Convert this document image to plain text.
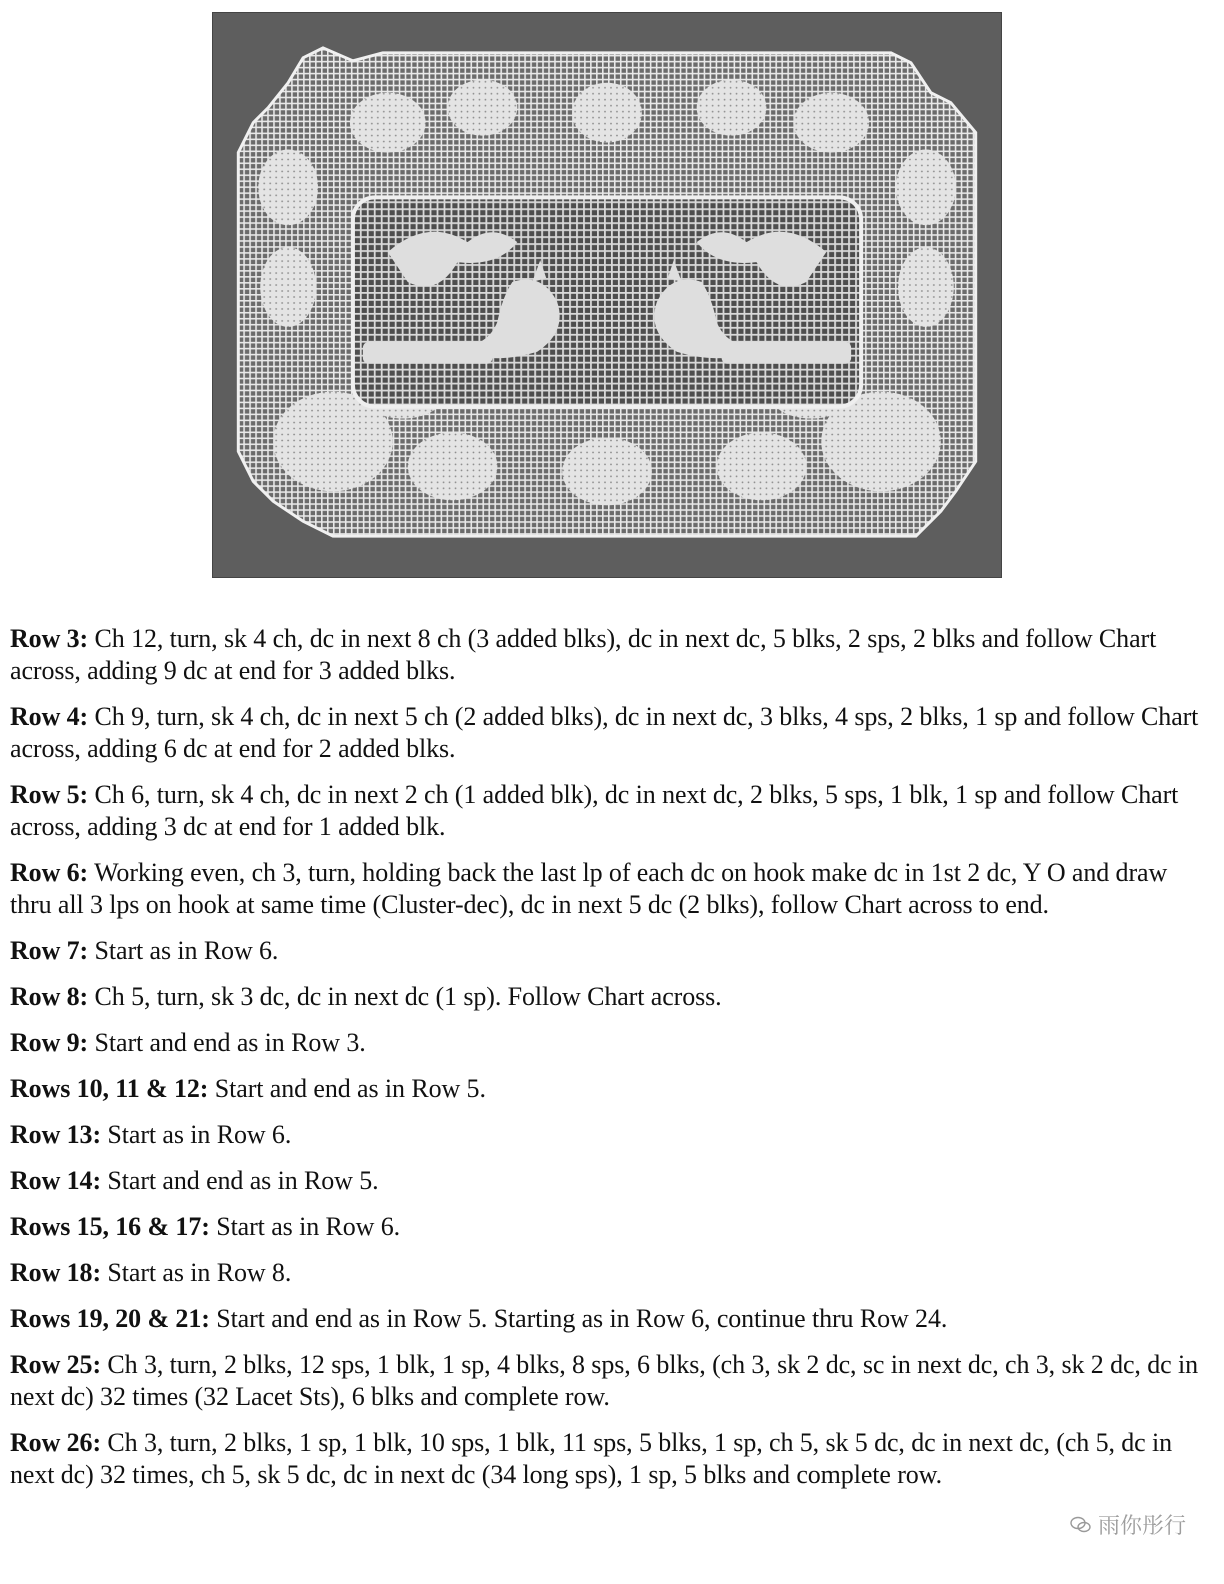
Row 3: Ch 12, turn, sk 4 ch, dc in next 8 ch (3 added blks), dc in next dc, 5 blks, 2 sps, 2 blks and follow Chart across, adding 9 dc at end for 3 added blks.

Row 4: Ch 9, turn, sk 4 ch, dc in next 5 ch (2 added blks), dc in next dc, 3 blks, 4 sps, 2 blks, 1 sp and follow Chart across, adding 6 dc at end for 2 added blks.

Row 5: Ch 6, turn, sk 4 ch, dc in next 2 ch (1 added blk), dc in next dc, 2 blks, 5 sps, 1 blk, 1 sp and follow Chart across, adding 3 dc at end for 1 added blk.

Row 6: Working even, ch 3, turn, holding back the last lp of each dc on hook make dc in 1st 2 dc, Y O and draw thru all 3 lps on hook at same time (Cluster-dec), dc in next 5 dc (2 blks), follow Chart across to end.

Row 7: Start as in Row 6.

Row 8: Ch 5, turn, sk 3 dc, dc in next dc (1 sp). Follow Chart across.

Row 9: Start and end as in Row 3.

Rows 10, 11 & 12: Start and end as in Row 5.

Row 13: Start as in Row 6.

Row 14: Start and end as in Row 5.

Rows 15, 16 & 17: Start as in Row 6.

Row 18: Start as in Row 8.

Rows 19, 20 & 21: Start and end as in Row 5. Starting as in Row 6, continue thru Row 24.

Row 25: Ch 3, turn, 2 blks, 12 sps, 1 blk, 1 sp, 4 blks, 8 sps, 6 blks, (ch 3, sk 2 dc, sc in next dc, ch 3, sk 2 dc, dc in next dc) 32 times (32 Lacet Sts), 6 blks and complete row.

Row 26: Ch 3, turn, 2 blks, 1 sp, 1 blk, 10 sps, 1 blk, 11 sps, 5 blks, 1 sp, ch 5, sk 5 dc, dc in next dc, (ch 5, dc in next dc) 32 times, ch 5, sk 5 dc, dc in next dc (34 long sps), 1 sp, 5 blks and complete row.

雨你彤行
